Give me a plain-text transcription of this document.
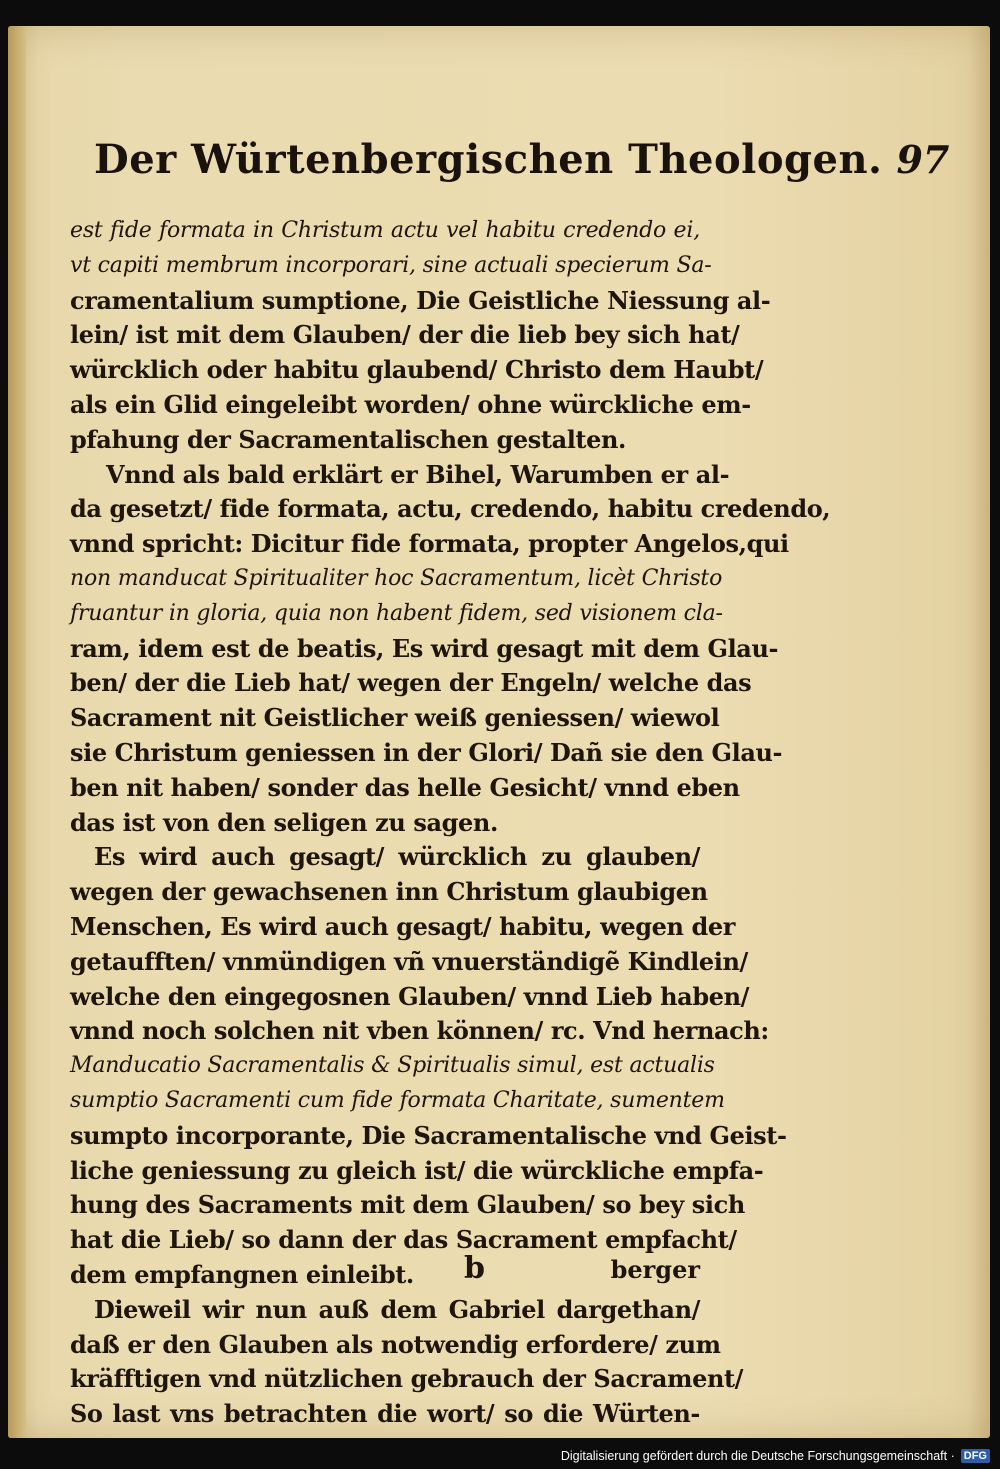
Der Würtenbergischen Theologen. 97
est fide formata in Christum actu vel habitu credendo ei,
vt capiti membrum incorporari, sine actuali specierum Sa-
cramentalium sumptione, Die Geistliche Niessung al-
lein/ ist mit dem Glauben/ der die lieb bey sich hat/
würcklich oder habitu glaubend/ Christo dem Haubt/
als ein Glid eingeleibt worden/ ohne würckliche em-
pfahung der Sacramentalischen gestalten.
Vnnd als bald erklärt er Bihel, Warumben er al-
da gesetzt/ fide formata, actu, credendo, habitu credendo,
vnnd spricht: Dicitur fide formata, propter Angelos,qui
non manducat Spiritualiter hoc Sacramentum, licèt Christo
fruantur in gloria, quia non habent fidem, sed visionem cla-
ram, idem est de beatis, Es wird gesagt mit dem Glau-
ben/ der die Lieb hat/ wegen der Engeln/ welche das
Sacrament nit Geistlicher weiß geniessen/ wiewol
sie Christum geniessen in der Glori/ Dañ sie den Glau-
ben nit haben/ sonder das helle Gesicht/ vnnd eben
das ist von den seligen zu sagen.
Es wird auch gesagt/ würcklich zu glauben/
wegen der gewachsenen inn Christum glaubigen
Menschen, Es wird auch gesagt/ habitu, wegen der
getaufften/ vnmündigen vñ vnuerständigẽ Kindlein/
welche den eingegosnen Glauben/ vnnd Lieb haben/
vnnd noch solchen nit vben können/ rc. Vnd hernach:
Manducatio Sacramentalis & Spiritualis simul, est actualis
sumptio Sacramenti cum fide formata Charitate, sumentem
sumpto incorporante, Die Sacramentalische vnd Geist-
liche geniessung zu gleich ist/ die würckliche empfa-
hung des Sacraments mit dem Glauben/ so bey sich
hat die Lieb/ so dann der das Sacrament empfacht/
dem empfangnen einleibt.
Dieweil wir nun auß dem Gabriel dargethan/
daß er den Glauben als notwendig erfordere/ zum
kräfftigen vnd nützlichen gebrauch der Sacrament/
So last vns betrachten die wort/ so die Würten-
b	berger
Digitalisierung gefördert durch die Deutsche Forschungsgemeinschaft · DFG
